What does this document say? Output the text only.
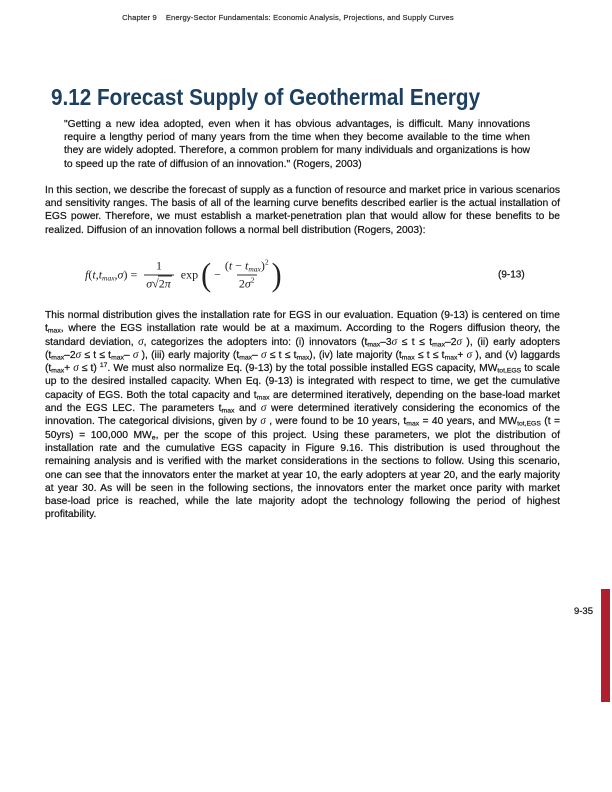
Chapter 9 Energy-Sector Fundamentals: Economic Analysis, Projections, and Supply Curves
9.12 Forecast Supply of Geothermal Energy
"Getting a new idea adopted, even when it has obvious advantages, is difficult. Many innovations require a lengthy period of many years from the time when they become available to the time when they are widely adopted. Therefore, a common problem for many individuals and organizations is how to speed up the rate of diffusion of an innovation." (Rogers, 2003)

In this section, we describe the forecast of supply as a function of resource and market price in various scenarios and sensitivity ranges. The basis of all of the learning curve benefits described earlier is the actual installation of EGS power. Therefore, we must establish a market-penetration plan that would allow for these benefits to be realized. Diffusion of an innovation follows a normal bell distribution (Rogers, 2003):

$f(t,t_{max},\sigma) = \frac{1}{\sigma√2\pi}$ exp ( − $\frac{(t - t_{max})^2}{2\sigma^2}$ )	(9-13)

This normal distribution gives the installation rate for EGS in our evaluation. Equation (9-13) is centered on time $t_{max}$, where the EGS installation rate would be at a maximum. According to the Rogers diffusion theory, the standard deviation, σ, categorizes the adopters into: (i) innovators ($t_{max}-3\sigma \le t \le t_{max}-2\sigma$ ), (ii) early adopters ($t_{max}-2\sigma \le t \le t_{max}-$ σ ), (iii) early majority ($t_{max}-$ $\sigma \le t \le t_{max}$), (iv) late majority ($t_{max} \le t \le t_{max}+ \sigma$ ), and (v) laggards $(t_{max}+ \sigma \le t)$ $^{17}$. We must also normalize Eq. (9-13) by the total possible installed EGS capacity, $MW_{tot,EGS}$ to scale up to the desired installed capacity. When Eq. (9-13) is integrated with respect to time, we get the cumulative capacity of EGS. Both the total capacity and $t_{max}$ are determined iteratively, depending on the base-load market and the EGS LEC. The parameters $t_{max}$ and σ were determined iteratively considering the economics of the innovation. The categorical divisions, given by σ , were found to be 10 years, $t_{max} = 40$ years, and $MW_{tot,EGS}$ (t = 50yrs) = 100,000 $MW_e$, per the scope of this project. Using these parameters, we plot the distribution of installation rate and the cumulative EGS capacity in Figure 9.16. This distribution is used throughout the remaining analysis and is verified with the market considerations in the sections to follow. Using this scenario, one can see that the innovators enter the market at year 10, the early adopters at year 20, and the early majority at year 30. As will be seen in the following sections, the innovators enter the market once parity with market base-load price is reached, while the late majority adopt the technology following the period of highest profitability.

9-35
